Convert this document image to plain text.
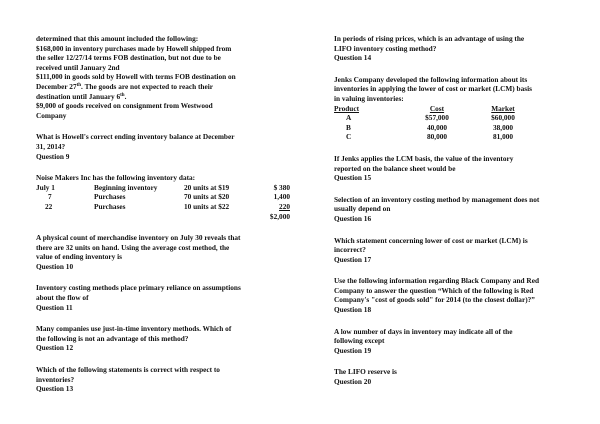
determined that this amount included the following:

$168,000 in inventory purchases made by Howell shipped from

the seller 12/27/14 terms FOB destination, but not due to be

received until January 2nd

$111,000 in goods sold by Howell with terms FOB destination on

December 27th. The goods are not expected to reach their

destination until January 6th.

$9,000 of goods received on consignment from Westwood

Company

What is Howell's correct ending inventory balance at December

31, 2014?

Question 9

Noise Makers Inc has the following inventory data:

July 1	Beginning inventory	20 units at $19	$ 380
7	Purchases	70 units at $20	1,400
22	Purchases	10 units at $22	220
			$2,000

A physical count of merchandise inventory on July 30 reveals that

there are 32 units on hand. Using the average cost method, the

value of ending inventory is

Question 10

Inventory costing methods place primary reliance on assumptions

about the flow of

Question 11

Many companies use just-in-time inventory methods. Which of

the following is not an advantage of this method?

Question 12

Which of the following statements is correct with respect to

inventories?

Question 13

In periods of rising prices, which is an advantage of using the

LIFO inventory costing method?

Question 14

Jenks Company developed the following information about its

inventories in applying the lower of cost or market (LCM) basis

in valuing inventories:

Product	Cost	Market
A	$57,000	$60,000
B	40,000	38,000
C	80,000	81,000

If Jenks applies the LCM basis, the value of the inventory

reported on the balance sheet would be

Question 15

Selection of an inventory costing method by management does not

usually depend on

Question 16

Which statement concerning lower of cost or market (LCM) is

incorrect?

Question 17

Use the following information regarding Black Company and Red

Company to answer the question “Which of the following is Red

Company's "cost of goods sold" for 2014 (to the closest dollar)?”

Question 18

A low number of days in inventory may indicate all of the

following except

Question 19

The LIFO reserve is

Question 20
